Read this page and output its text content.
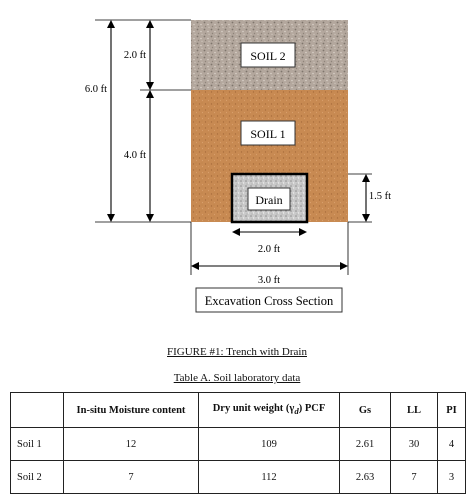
SOIL 2
SOIL 1
Drain
6.0 ft
2.0 ft
4.0 ft
1.5 ft
2.0 ft
3.0 ft
Excavation Cross Section
FIGURE #1: Trench with Drain
Table A. Soil laboratory data
	In-situ Moisture content	Dry unit weight $(\gamma_d)$ PCF	Gs	LL	PI
Soil 1	12	109	2.61	30	4
Soil 2	7	112	2.63	7	3
